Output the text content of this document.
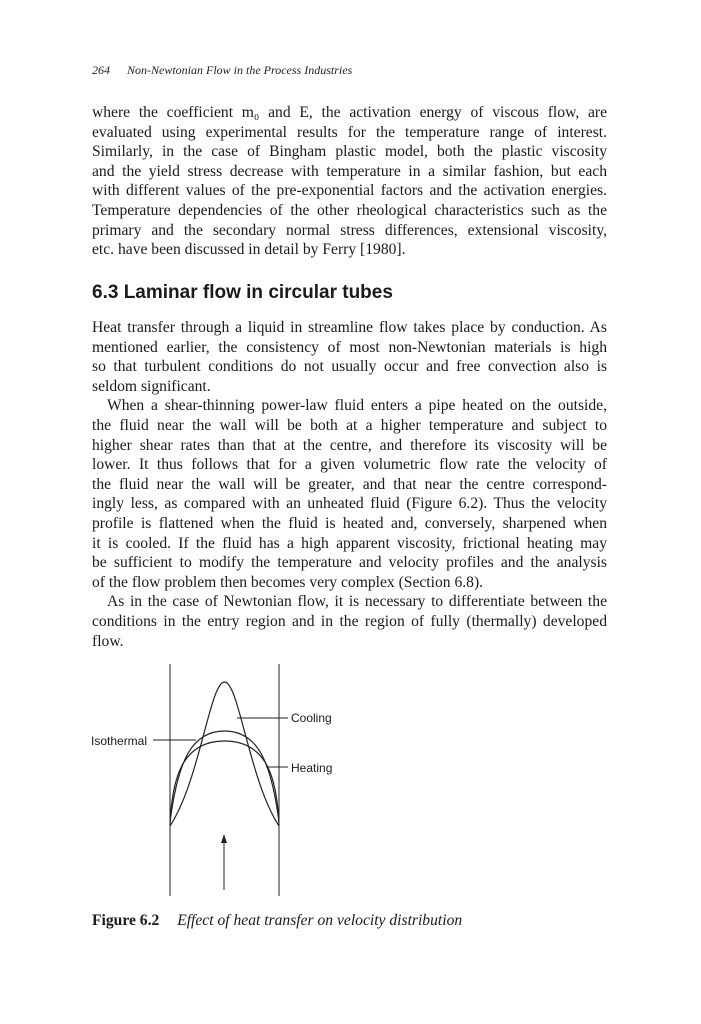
264 Non-Newtonian Flow in the Process Industries
where the coefficient m₀ and E, the activation energy of viscous flow, are
evaluated using experimental results for the temperature range of interest.
Similarly, in the case of Bingham plastic model, both the plastic viscosity
and the yield stress decrease with temperature in a similar fashion, but each
with different values of the pre-exponential factors and the activation energies.
Temperature dependencies of the other rheological characteristics such as the
primary and the secondary normal stress differences, extensional viscosity,
etc. have been discussed in detail by Ferry [1980].
6.3 Laminar flow in circular tubes
Heat transfer through a liquid in streamline flow takes place by conduction. As
mentioned earlier, the consistency of most non-Newtonian materials is high
so that turbulent conditions do not usually occur and free convection also is
seldom significant.
When a shear-thinning power-law fluid enters a pipe heated on the outside,
the fluid near the wall will be both at a higher temperature and subject to
higher shear rates than that at the centre, and therefore its viscosity will be
lower. It thus follows that for a given volumetric flow rate the velocity of
the fluid near the wall will be greater, and that near the centre correspond-
ingly less, as compared with an unheated fluid (Figure 6.2). Thus the velocity
profile is flattened when the fluid is heated and, conversely, sharpened when
it is cooled. If the fluid has a high apparent viscosity, frictional heating may
be sufficient to modify the temperature and velocity profiles and the analysis
of the flow problem then becomes very complex (Section 6.8).
As in the case of Newtonian flow, it is necessary to differentiate between the
conditions in the entry region and in the region of fully (thermally) developed
flow.
Cooling
Isothermal
Heating
Figure 6.2 Effect of heat transfer on velocity distribution
